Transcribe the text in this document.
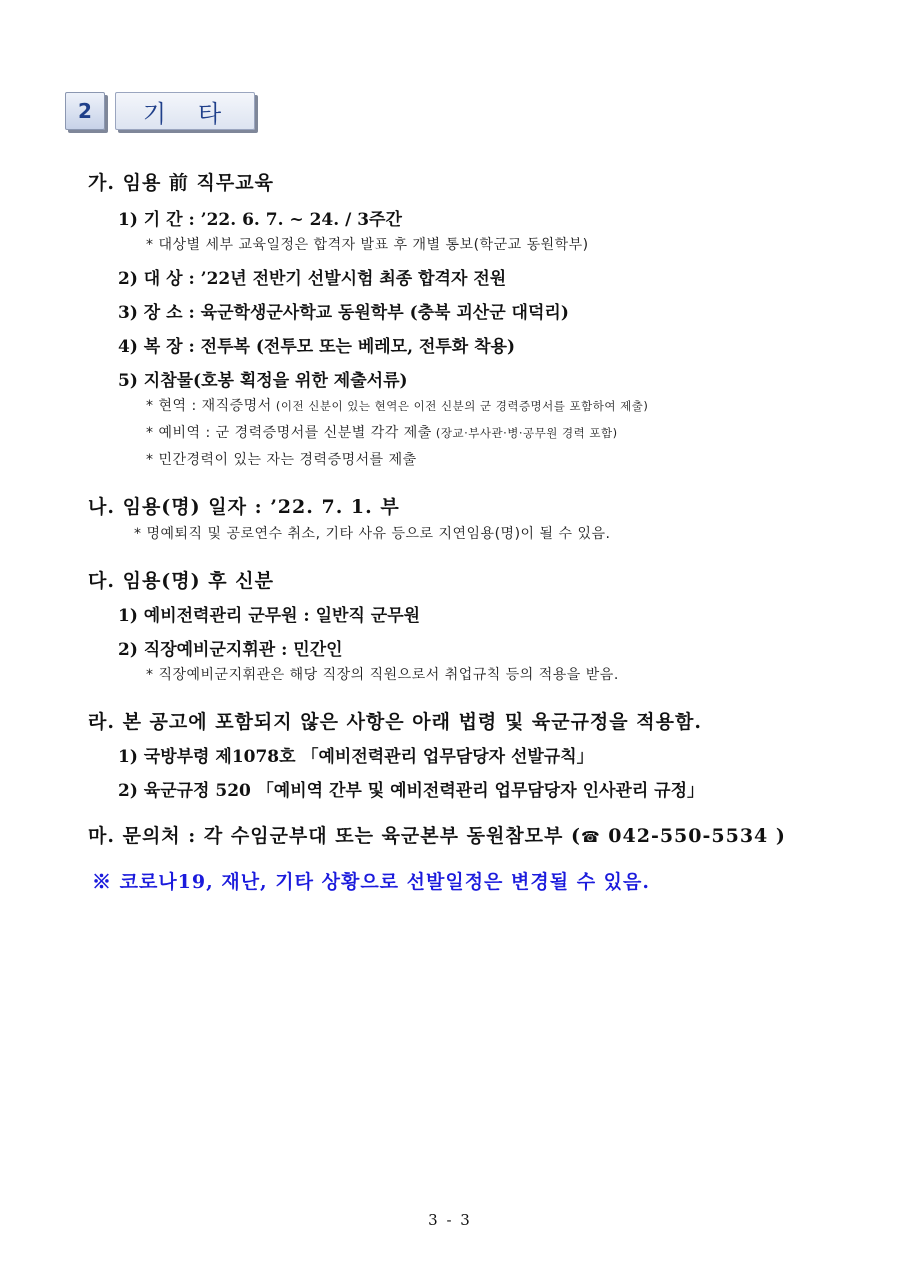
2	기 타
가. 임용 前 직무교육
1) 기 간 : ’22. 6. 7. ~ 24. / 3주간
* 대상별 세부 교육일정은 합격자 발표 후 개별 통보(학군교 동원학부)
2) 대 상 : ’22년 전반기 선발시험 최종 합격자 전원
3) 장 소 : 육군학생군사학교 동원학부 (충북 괴산군 대덕리)
4) 복 장 : 전투복 (전투모 또는 베레모, 전투화 착용)
5) 지참물(호봉 획정을 위한 제출서류)
* 현역 : 재직증명서 (이전 신분이 있는 현역은 이전 신분의 군 경력증명서를 포함하여 제출)
* 예비역 : 군 경력증명서를 신분별 각각 제출 (장교·부사관·병·공무원 경력 포함)
* 민간경력이 있는 자는 경력증명서를 제출
나. 임용(명) 일자 : ’22. 7. 1. 부
* 명예퇴직 및 공로연수 취소, 기타 사유 등으로 지연임용(명)이 될 수 있음.
다. 임용(명) 후 신분
1) 예비전력관리 군무원 : 일반직 군무원
2) 직장예비군지휘관 : 민간인
* 직장예비군지휘관은 해당 직장의 직원으로서 취업규칙 등의 적용을 받음.
라. 본 공고에 포함되지 않은 사항은 아래 법령 및 육군규정을 적용함.
1) 국방부령 제1078호 「예비전력관리 업무담당자 선발규칙」
2) 육군규정 520 「예비역 간부 및 예비전력관리 업무담당자 인사관리 규정」
마. 문의처 : 각 수임군부대 또는 육군본부 동원참모부 (☎ 042-550-5534 )
※ 코로나19, 재난, 기타 상황으로 선발일정은 변경될 수 있음.
3 - 3
